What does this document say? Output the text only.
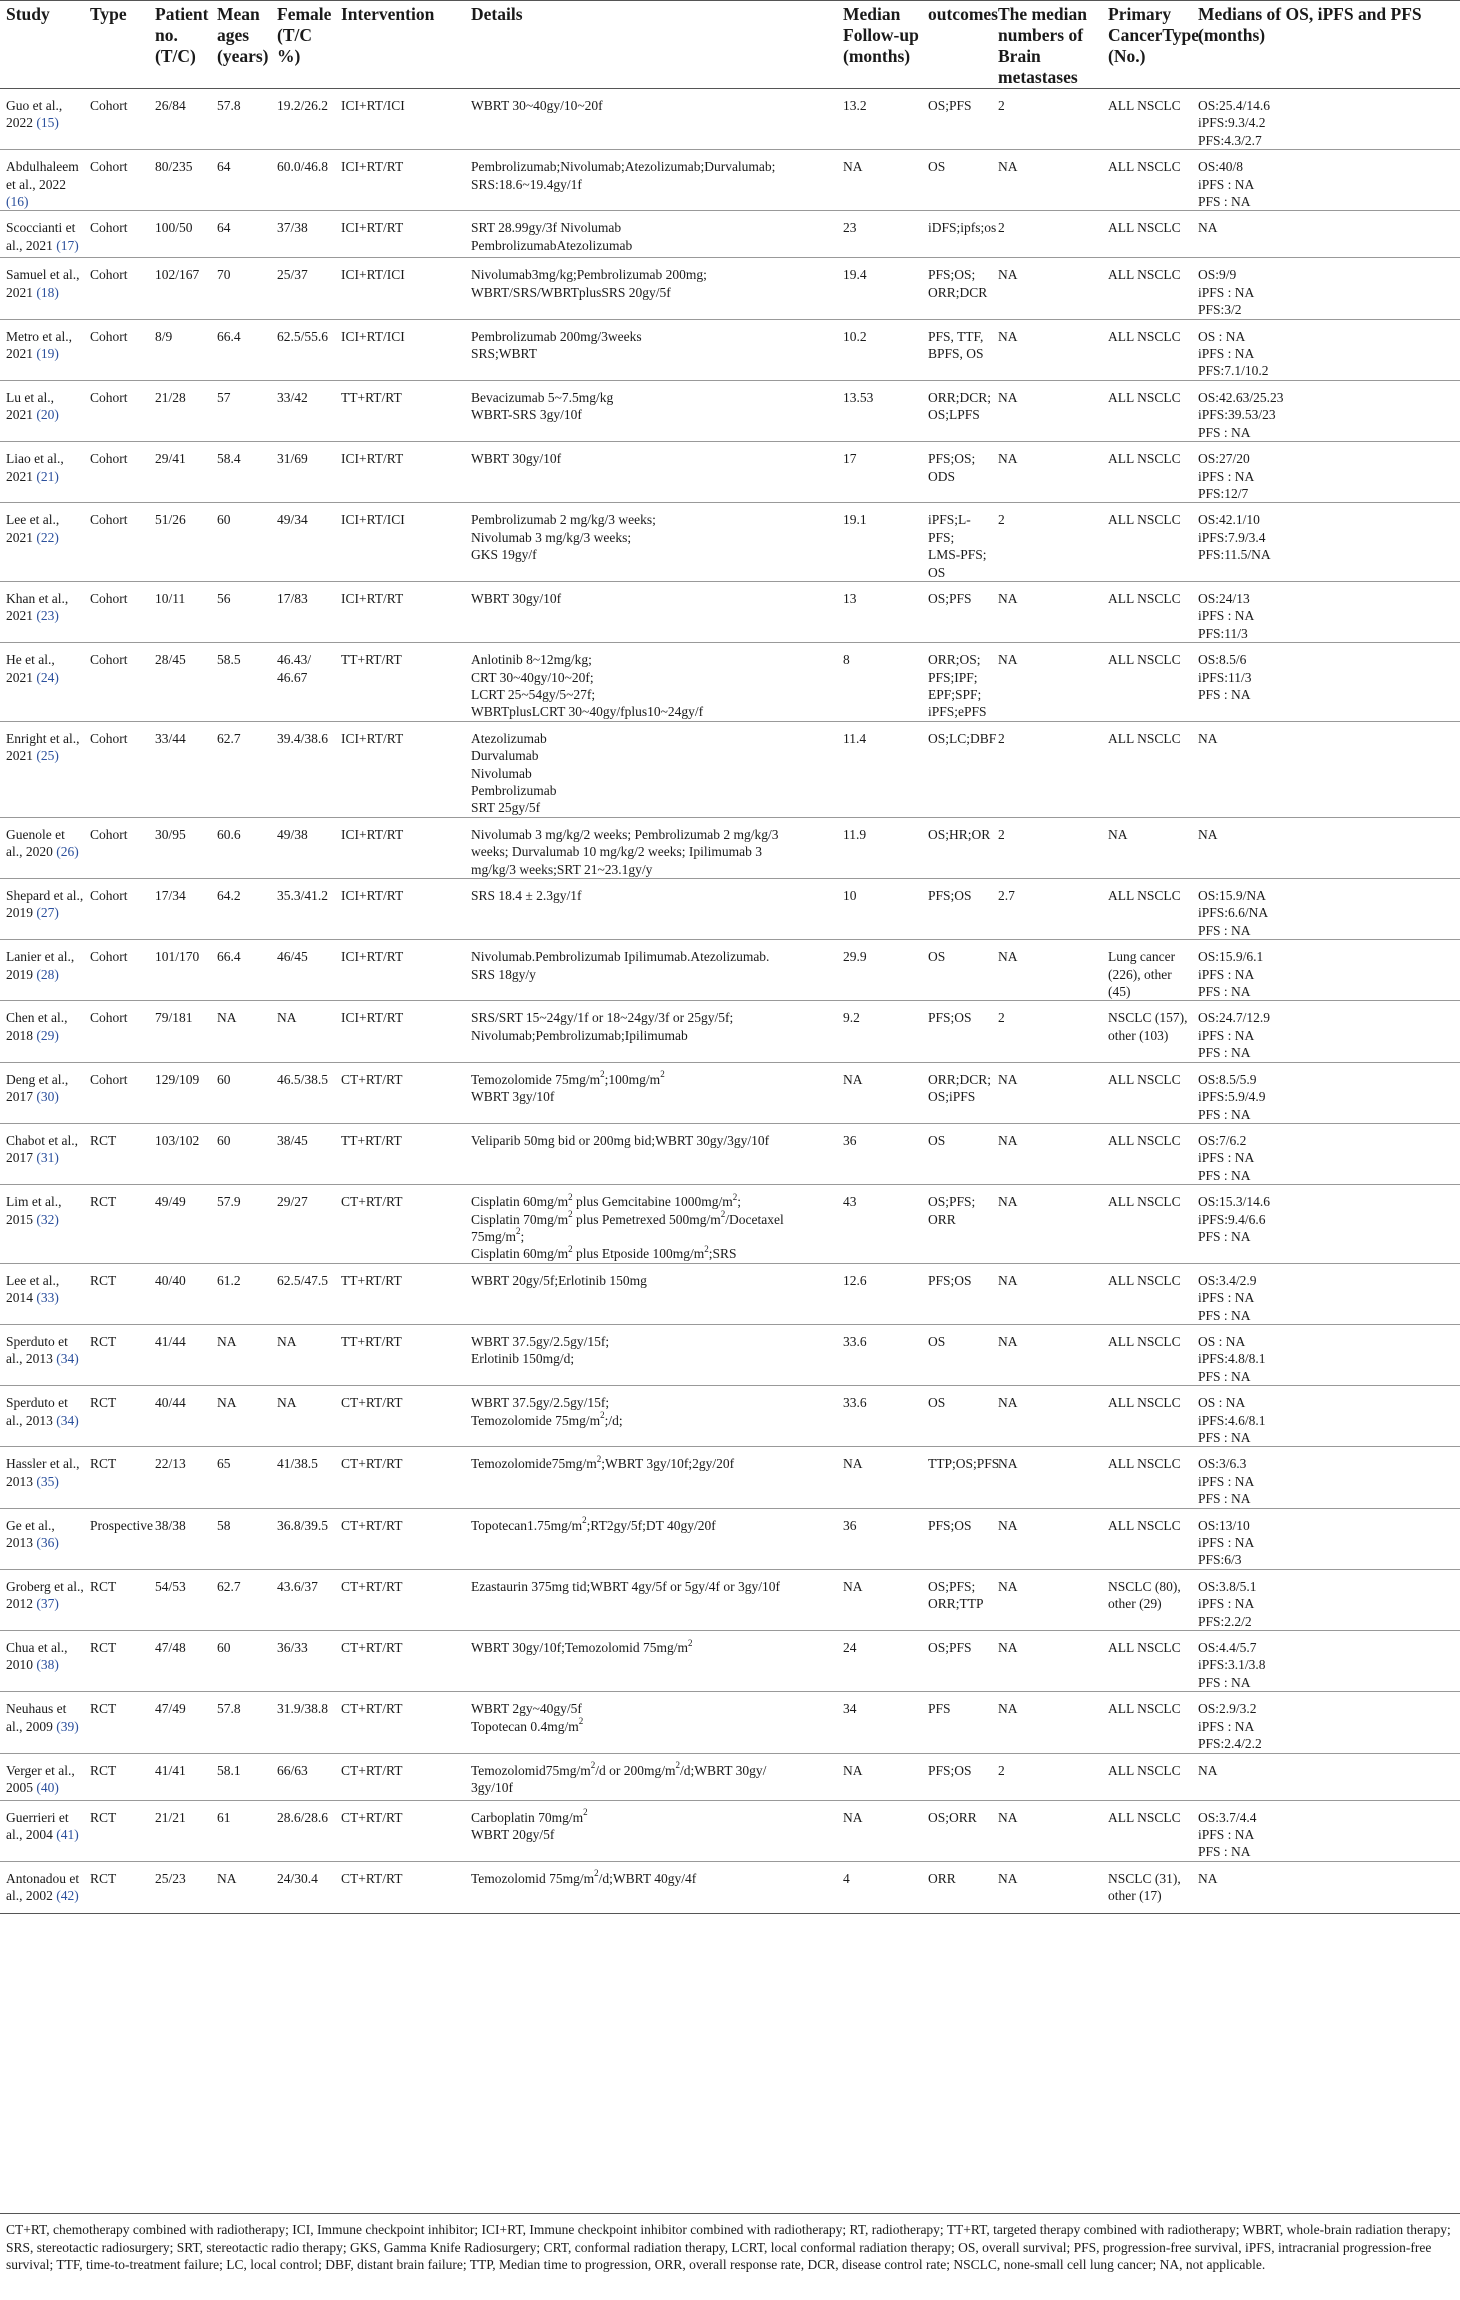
Study	Type	Patient no.(T/C)	Mean ages (years)	Female (T/C %)	Intervention	Details	Median Follow-up (months)	outcomes	The median numbers of Brain metastases	Primary CancerType (No.)	Medians of OS, iPFS and PFS (months)
Guo et al., 2022 (15)	Cohort	26/84	57.8	19.2/26.2	ICI+RT/ICI	WBRT 30~40gy/10~20f	13.2	OS;PFS	2	ALL NSCLC	OS:25.4/14.6
iPFS:9.3/4.2
PFS:4.3/2.7

Abdulhaleem et al., 2022 (16)	Cohort	80/235	64	60.0/46.8	ICI+RT/RT	Pembrolizumab;Nivolumab;Atezolizumab;Durvalumab;
SRS:18.6~19.4gy/1f	NA	OS	NA	ALL NSCLC	OS:40/8
iPFS : NA
PFS : NA

Scoccianti et al., 2021 (17)	Cohort	100/50	64	37/38	ICI+RT/RT	SRT 28.99gy/3f Nivolumab
PembrolizumabAtezolizumab	23	iDFS;ipfs;os	2	ALL NSCLC	NA

Samuel et al., 2021 (18)	Cohort	102/167	70	25/37	ICI+RT/ICI	Nivolumab3mg/kg;Pembrolizumab 200mg;
WBRT/SRS/WBRTplusSRS 20gy/5f	19.4	PFS;OS;
ORR;DCR	NA	ALL NSCLC	OS:9/9
iPFS : NA
PFS:3/2

Metro et al., 2021 (19)	Cohort	8/9	66.4	62.5/55.6	ICI+RT/ICI	Pembrolizumab 200mg/3weeks
SRS;WBRT	10.2	PFS, TTF,
BPFS, OS	NA	ALL NSCLC	OS : NA
iPFS : NA
PFS:7.1/10.2

Lu et al., 2021 (20)	Cohort	21/28	57	33/42	TT+RT/RT	Bevacizumab 5~7.5mg/kg
WBRT-SRS 3gy/10f	13.53	ORR;DCR;
OS;LPFS	NA	ALL NSCLC	OS:42.63/25.23
iPFS:39.53/23
PFS : NA

Liao et al., 2021 (21)	Cohort	29/41	58.4	31/69	ICI+RT/RT	WBRT 30gy/10f	17	PFS;OS;
ODS	NA	ALL NSCLC	OS:27/20
iPFS : NA
PFS:12/7

Lee et al., 2021 (22)	Cohort	51/26	60	49/34	ICI+RT/ICI	Pembrolizumab 2 mg/kg/3 weeks;
Nivolumab 3 mg/kg/3 weeks;
GKS 19gy/f	19.1	iPFS;L-PFS;
LMS-PFS;
OS	2	ALL NSCLC	OS:42.1/10
iPFS:7.9/3.4
PFS:11.5/NA

Khan et al., 2021 (23)	Cohort	10/11	56	17/83	ICI+RT/RT	WBRT 30gy/10f	13	OS;PFS	NA	ALL NSCLC	OS:24/13
iPFS : NA
PFS:11/3

He et al., 2021 (24)	Cohort	28/45	58.5	46.43/
46.67	TT+RT/RT	Anlotinib 8~12mg/kg;
CRT 30~40gy/10~20f;
LCRT 25~54gy/5~27f;
WBRTplusLCRT 30~40gy/fplus10~24gy/f	8	ORR;OS;
PFS;IPF;
EPF;SPF;
iPFS;ePFS	NA	ALL NSCLC	OS:8.5/6
iPFS:11/3
PFS : NA

Enright et al., 2021 (25)	Cohort	33/44	62.7	39.4/38.6	ICI+RT/RT	Atezolizumab
Durvalumab
Nivolumab
Pembrolizumab
SRT 25gy/5f	11.4	OS;LC;DBF	2	ALL NSCLC	NA

Guenole et al., 2020 (26)	Cohort	30/95	60.6	49/38	ICI+RT/RT	Nivolumab 3 mg/kg/2 weeks; Pembrolizumab 2 mg/kg/3
weeks; Durvalumab 10 mg/kg/2 weeks; Ipilimumab 3
mg/kg/3 weeks;SRT 21~23.1gy/y	11.9	OS;HR;OR	2	NA	NA

Shepard et al., 2019 (27)	Cohort	17/34	64.2	35.3/41.2	ICI+RT/RT	SRS 18.4 ± 2.3gy/1f	10	PFS;OS	2.7	ALL NSCLC	OS:15.9/NA
iPFS:6.6/NA
PFS : NA

Lanier et al., 2019 (28)	Cohort	101/170	66.4	46/45	ICI+RT/RT	Nivolumab.Pembrolizumab Ipilimumab.Atezolizumab.
SRS 18gy/y	29.9	OS	NA	Lung cancer
(226), other (45)	OS:15.9/6.1
iPFS : NA
PFS : NA

Chen et al., 2018 (29)	Cohort	79/181	NA	NA	ICI+RT/RT	SRS/SRT 15~24gy/1f or 18~24gy/3f or 25gy/5f;
Nivolumab;Pembrolizumab;Ipilimumab	9.2	PFS;OS	2	NSCLC (157),
other (103)	OS:24.7/12.9
iPFS : NA
PFS : NA

Deng et al., 2017 (30)	Cohort	129/109	60	46.5/38.5	CT+RT/RT	Temozolomide $75mg/m^2;100mg/m^2$
WBRT 3gy/10f	NA	ORR;DCR;
OS;iPFS	NA	ALL NSCLC	OS:8.5/5.9
iPFS:5.9/4.9
PFS : NA

Chabot et al., 2017 (31)	RCT	103/102	60	38/45	TT+RT/RT	Veliparib 50mg bid or 200mg bid;WBRT 30gy/3gy/10f	36	OS	NA	ALL NSCLC	OS:7/6.2
iPFS : NA
PFS : NA

Lim et al., 2015 (32)	RCT	49/49	57.9	29/27	CT+RT/RT	Cisplatin $60mg/m^2$ plus Gemcitabine $1000mg/m^2$;
Cisplatin $70mg/m^2$ plus Pemetrexed $500mg/m^2$/Docetaxel
$75mg/m^2$;
Cisplatin $60mg/m^2$ plus Etposide $100mg/m^2;SRS$	43	OS;PFS;
ORR	NA	ALL NSCLC	OS:15.3/14.6
iPFS:9.4/6.6
PFS : NA

Lee et al., 2014 (33)	RCT	40/40	61.2	62.5/47.5	TT+RT/RT	WBRT 20gy/5f;Erlotinib 150mg	12.6	PFS;OS	NA	ALL NSCLC	OS:3.4/2.9
iPFS : NA
PFS : NA

Sperduto et al., 2013 (34)	RCT	41/44	NA	NA	TT+RT/RT	WBRT 37.5gy/2.5gy/15f;
Erlotinib 150mg/d;	33.6	OS	NA	ALL NSCLC	OS : NA
iPFS:4.8/8.1
PFS : NA

Sperduto et al., 2013 (34)	RCT	40/44	NA	NA	CT+RT/RT	WBRT 37.5gy/2.5gy/15f;
Temozolomide $75mg/m^2;/d$;	33.6	OS	NA	ALL NSCLC	OS : NA
iPFS:4.6/8.1
PFS : NA

Hassler et al., 2013 (35)	RCT	22/13	65	41/38.5	CT+RT/RT	$Temozolomide75mg/m^2;WBRT$ 3gy/10f;2gy/20f	NA	TTP;OS;PFS	NA	ALL NSCLC	OS:3/6.3
iPFS : NA
PFS : NA

Ge et al., 2013 (36)	Prospective	38/38	58	36.8/39.5	CT+RT/RT	$Topotecan1.75mg/m^2;RT2gy/5f;DT$ 40gy/20f	36	PFS;OS	NA	ALL NSCLC	OS:13/10
iPFS : NA
PFS:6/3

Groberg et al., 2012 (37)	RCT	54/53	62.7	43.6/37	CT+RT/RT	Ezastaurin 375mg tid;WBRT 4gy/5f or 5gy/4f or 3gy/10f	NA	OS;PFS;
ORR;TTP	NA	NSCLC (80),
other (29)	OS:3.8/5.1
iPFS : NA
PFS:2.2/2

Chua et al., 2010 (38)	RCT	47/48	60	36/33	CT+RT/RT	WBRT 30gy/10f;Temozolomid $75mg/m^2$	24	OS;PFS	NA	ALL NSCLC	OS:4.4/5.7
iPFS:3.1/3.8
PFS : NA

Neuhaus et al., 2009 (39)	RCT	47/49	57.8	31.9/38.8	CT+RT/RT	WBRT 2gy~40gy/5f
Topotecan $0.4mg/m^2$	34	PFS	NA	ALL NSCLC	OS:2.9/3.2
iPFS : NA
PFS:2.4/2.2

Verger et al., 2005 (40)	RCT	41/41	58.1	66/63	CT+RT/RT	$Temozolomid75mg/m^2/d$ or $200mg/m^2/d;WBRT$ 30gy/
3gy/10f	NA	PFS;OS	2	ALL NSCLC	NA

Guerrieri et al., 2004 (41)	RCT	21/21	61	28.6/28.6	CT+RT/RT	Carboplatin $70mg/m^2$
WBRT 20gy/5f	NA	OS;ORR	NA	ALL NSCLC	OS:3.7/4.4
iPFS : NA
PFS : NA

Antonadou et al., 2002 (42)	RCT	25/23	NA	24/30.4	CT+RT/RT	Temozolomid $75mg/m^2/d;WBRT$ 40gy/4f	4	ORR	NA	NSCLC (31),
other (17)	NA
CT+RT, chemotherapy combined with radiotherapy; ICI, Immune checkpoint inhibitor; ICI+RT, Immune checkpoint inhibitor combined with radiotherapy; RT, radiotherapy; TT+RT, targeted therapy combined with radiotherapy; WBRT, whole-brain radiation therapy; SRS, stereotactic radiosurgery; SRT, stereotactic radio therapy; GKS, Gamma Knife Radiosurgery; CRT, conformal radiation therapy, LCRT, local conformal radiation therapy; OS, overall survival; PFS, progression-free survival, iPFS, intracranial progression-free survival; TTF, time-to-treatment failure; LC, local control; DBF, distant brain failure; TTP, Median time to progression, ORR, overall response rate, DCR, disease control rate; NSCLC, none-small cell lung cancer; NA, not applicable.
